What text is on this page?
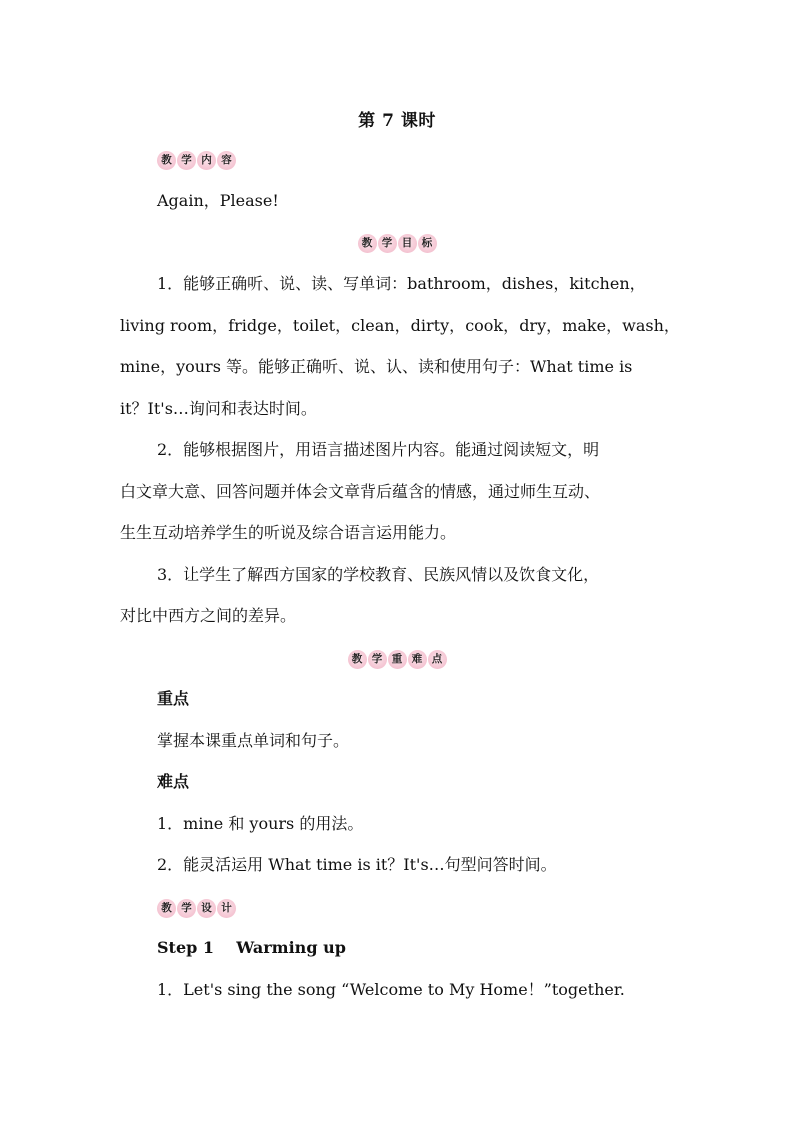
第 7 课时
教 学 内 容
Again，Please!
教 学 目 标
1．能够正确听、说、读、写单词：bathroom，dishes，kitchen，
living room， fridge， toilet， clean， dirty， cook， dry， make， wash，
mine，yours 等。能够正确听、说、认、读和使用句子：What time is
it？It's…询问和表达时间。
2．能够根据图片，用语言描述图片内容。能通过阅读短文，明
白文章大意、回答问题并体会文章背后蕴含的情感，通过师生互动、
生生互动培养学生的听说及综合语言运用能力。
3．让学生了解西方国家的学校教育、民族风情以及饮食文化，
对比中西方之间的差异。
教 学 重 难 点
重点
掌握本课重点单词和句子。
难点
1．mine 和 yours 的用法。
2．能灵活运用 What time is it？It's…句型问答时间。
教 学 设 计
Step 1    Warming up
1．Let's sing the song “Welcome to My Home！”together.
